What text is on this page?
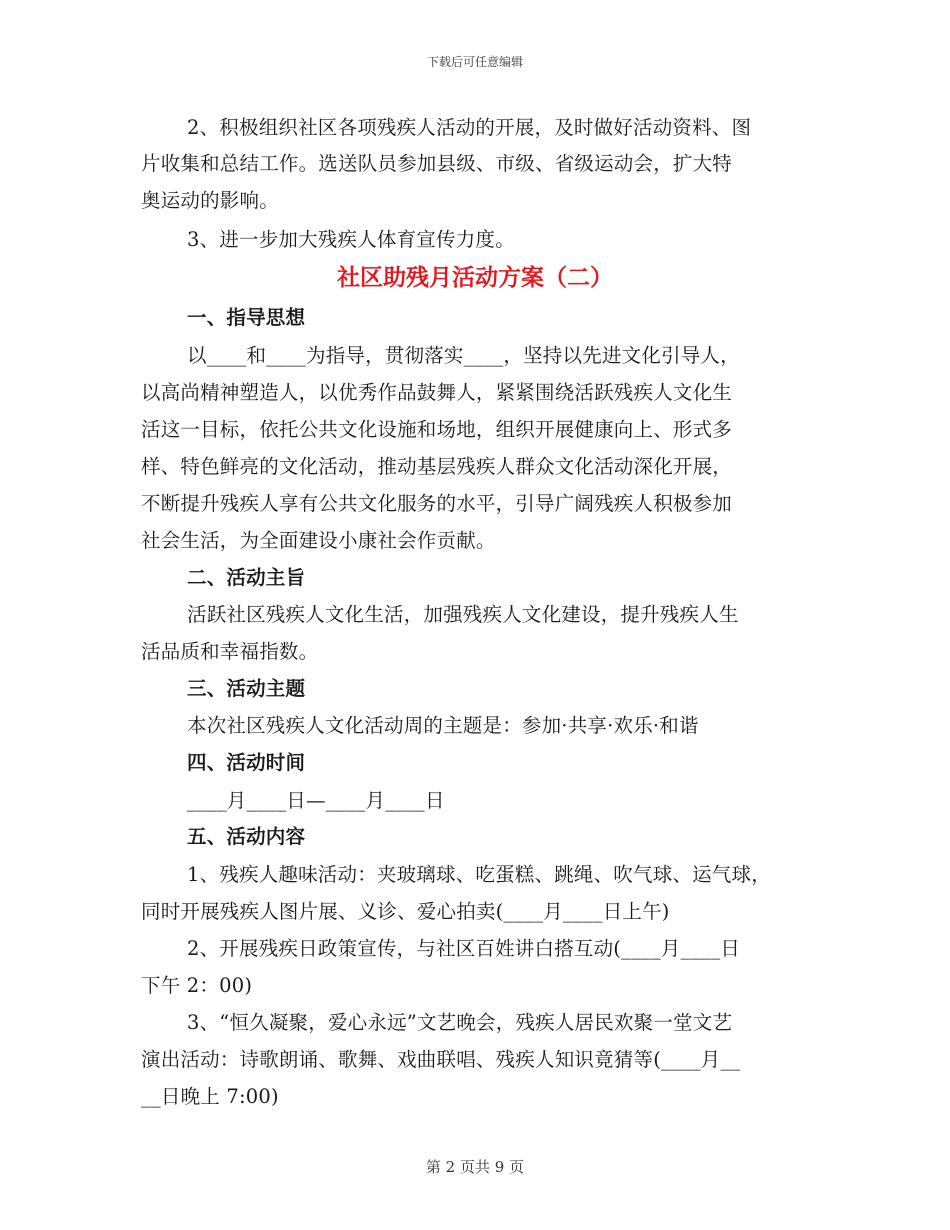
下载后可任意编辑
2、积极组织社区各项残疾人活动的开展，及时做好活动资料、图
片收集和总结工作。选送队员参加县级、市级、省级运动会，扩大特
奥运动的影响。
3、进一步加大残疾人体育宣传力度。
社区助残月活动方案（二）
一、指导思想
以____和____为指导，贯彻落实____，坚持以先进文化引导人，
以高尚精神塑造人，以优秀作品鼓舞人，紧紧围绕活跃残疾人文化生
活这一目标，依托公共文化设施和场地，组织开展健康向上、形式多
样、特色鲜亮的文化活动，推动基层残疾人群众文化活动深化开展，
不断提升残疾人享有公共文化服务的水平，引导广阔残疾人积极参加
社会生活，为全面建设小康社会作贡献。
二、活动主旨
活跃社区残疾人文化生活，加强残疾人文化建设，提升残疾人生
活品质和幸福指数。
三、活动主题
本次社区残疾人文化活动周的主题是：参加·共享·欢乐·和谐
四、活动时间
____月____日—____月____日
五、活动内容
1、残疾人趣味活动：夹玻璃球、吃蛋糕、跳绳、吹气球、运气球，
同时开展残疾人图片展、义诊、爱心拍卖(____月____日上午)
2、开展残疾日政策宣传，与社区百姓讲白搭互动(____月____日
下午 2：00)
3、“恒久凝聚，爱心永远”文艺晚会，残疾人居民欢聚一堂文艺
演出活动：诗歌朗诵、歌舞、戏曲联唱、残疾人知识竟猜等(____月__
__日晚上 7:00)
第 2 页共 9 页
